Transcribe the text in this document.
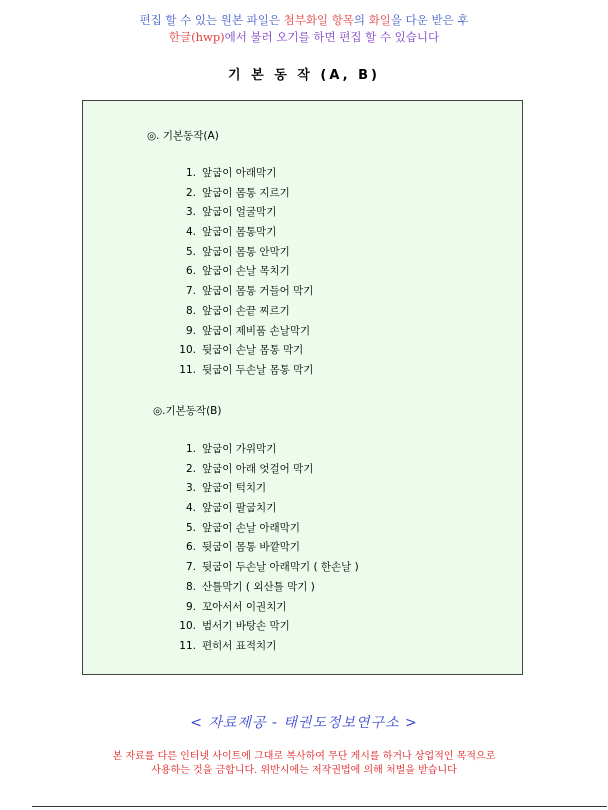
편집 할 수 있는 원본 파일은 첨부화일 항목의 화일을 다운 받은 후
한글(hwp)에서 불러 오기를 하면 편집 할 수 있습니다
기 본 동 작 (A, B)
◎. 기본동작(A)
1. 앞굽이 아래막기
2. 앞굽이 몸통 지르기
3. 앞굽이 얼굴막기
4. 앞굽이 몸통막기
5. 앞굽이 몸통 안막기
6. 앞굽이 손날 목치기
7. 앞굽이 몸통 거들어 막기
8. 앞굽이 손끝 찌르기
9. 앞굽이 제비품 손날막기
10. 뒷굽이 손날 몸통 막기
11. 뒷굽이 두손날 몸통 막기
◎.기본동작(B)
1. 앞굽이 가위막기
2. 앞굽이 아래 엇걸어 막기
3. 앞굽이 턱치기
4. 앞굽이 팔굽치기
5. 앞굽이 손날 아래막기
6. 뒷굽이 몸통 바깥막기
7. 뒷굽이 두손날 아래막기 ( 한손날 )
8. 산틀막기 ( 외산틀 막기 )
9. 꼬아서서 이권치기
10. 범서기 바탕손 막기
11. 편히서 표적치기
< 자료제공 - 태권도정보연구소 >
본 자료를 다른 인터넷 사이트에 그대로 복사하여 무단 게시를 하거나 상업적인 목적으로
사용하는 것을 금합니다. 위반시에는 저작권법에 의해 처벌을 받습니다
